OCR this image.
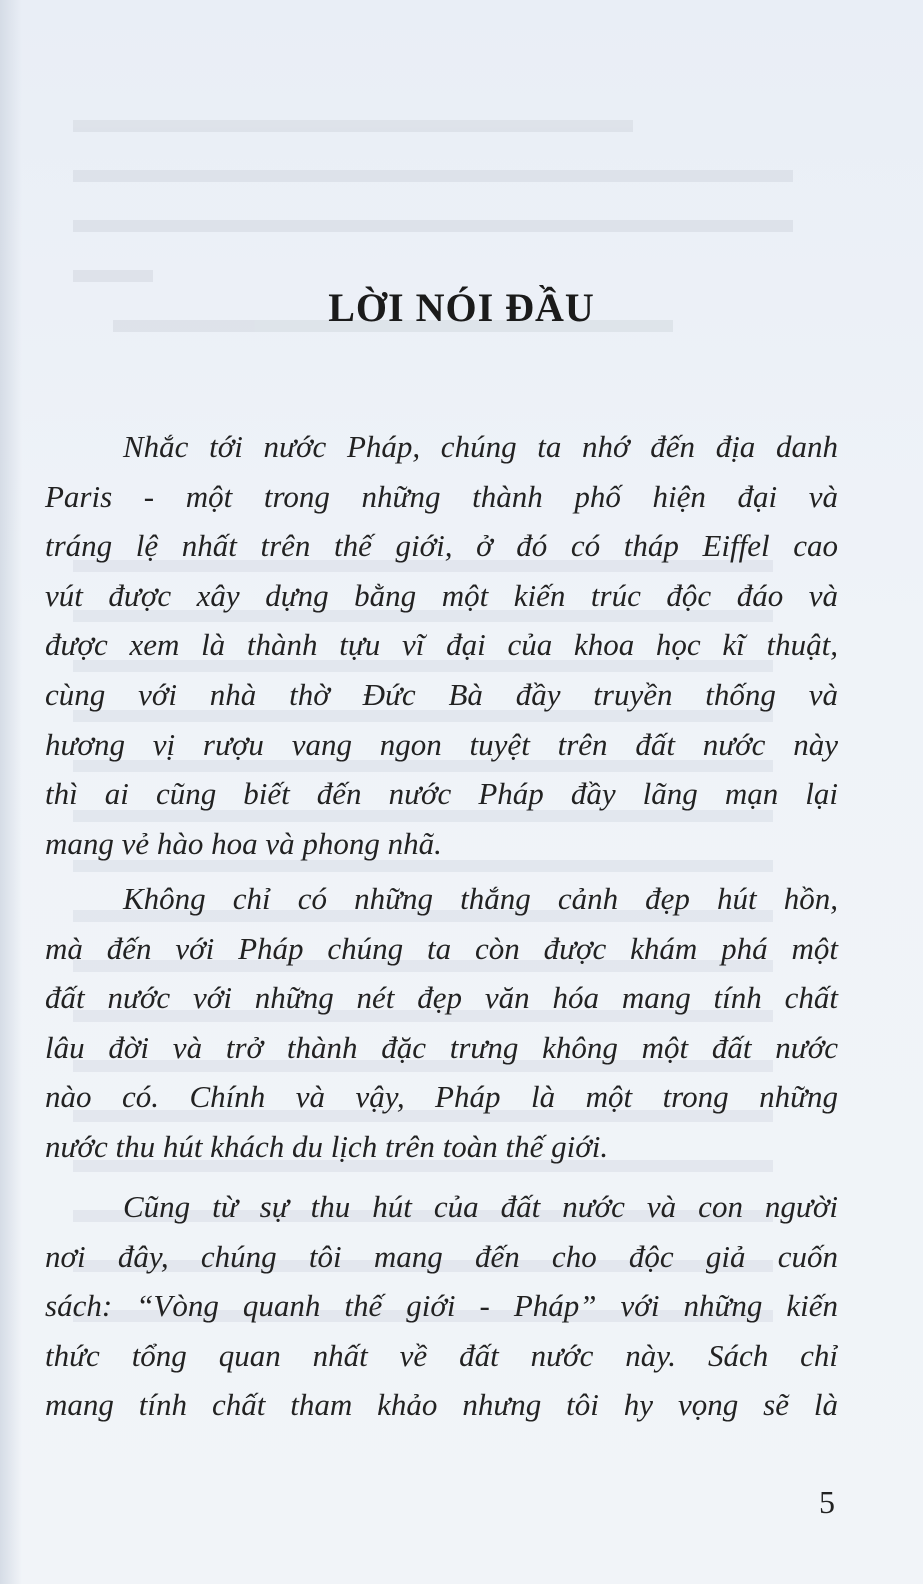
LỜI NÓI ĐẦU
Nhắc tới nước Pháp, chúng ta nhớ đến địa danh
Paris - một trong những thành phố hiện đại và
tráng lệ nhất trên thế giới, ở đó có tháp Eiffel cao
vút được xây dựng bằng một kiến trúc độc đáo và
được xem là thành tựu vĩ đại của khoa học kĩ thuật,
cùng với nhà thờ Đức Bà đầy truyền thống và
hương vị rượu vang ngon tuyệt trên đất nước này
thì ai cũng biết đến nước Pháp đầy lãng mạn lại
mang vẻ hào hoa và phong nhã.
Không chỉ có những thắng cảnh đẹp hút hồn,
mà đến với Pháp chúng ta còn được khám phá một
đất nước với những nét đẹp văn hóa mang tính chất
lâu đời và trở thành đặc trưng không một đất nước
nào có. Chính và vậy, Pháp là một trong những
nước thu hút khách du lịch trên toàn thế giới.
Cũng từ sự thu hút của đất nước và con người
nơi đây, chúng tôi mang đến cho độc giả cuốn
sách: “Vòng quanh thế giới - Pháp” với những kiến
thức tổng quan nhất về đất nước này. Sách chỉ
mang tính chất tham khảo nhưng tôi hy vọng sẽ là
5
